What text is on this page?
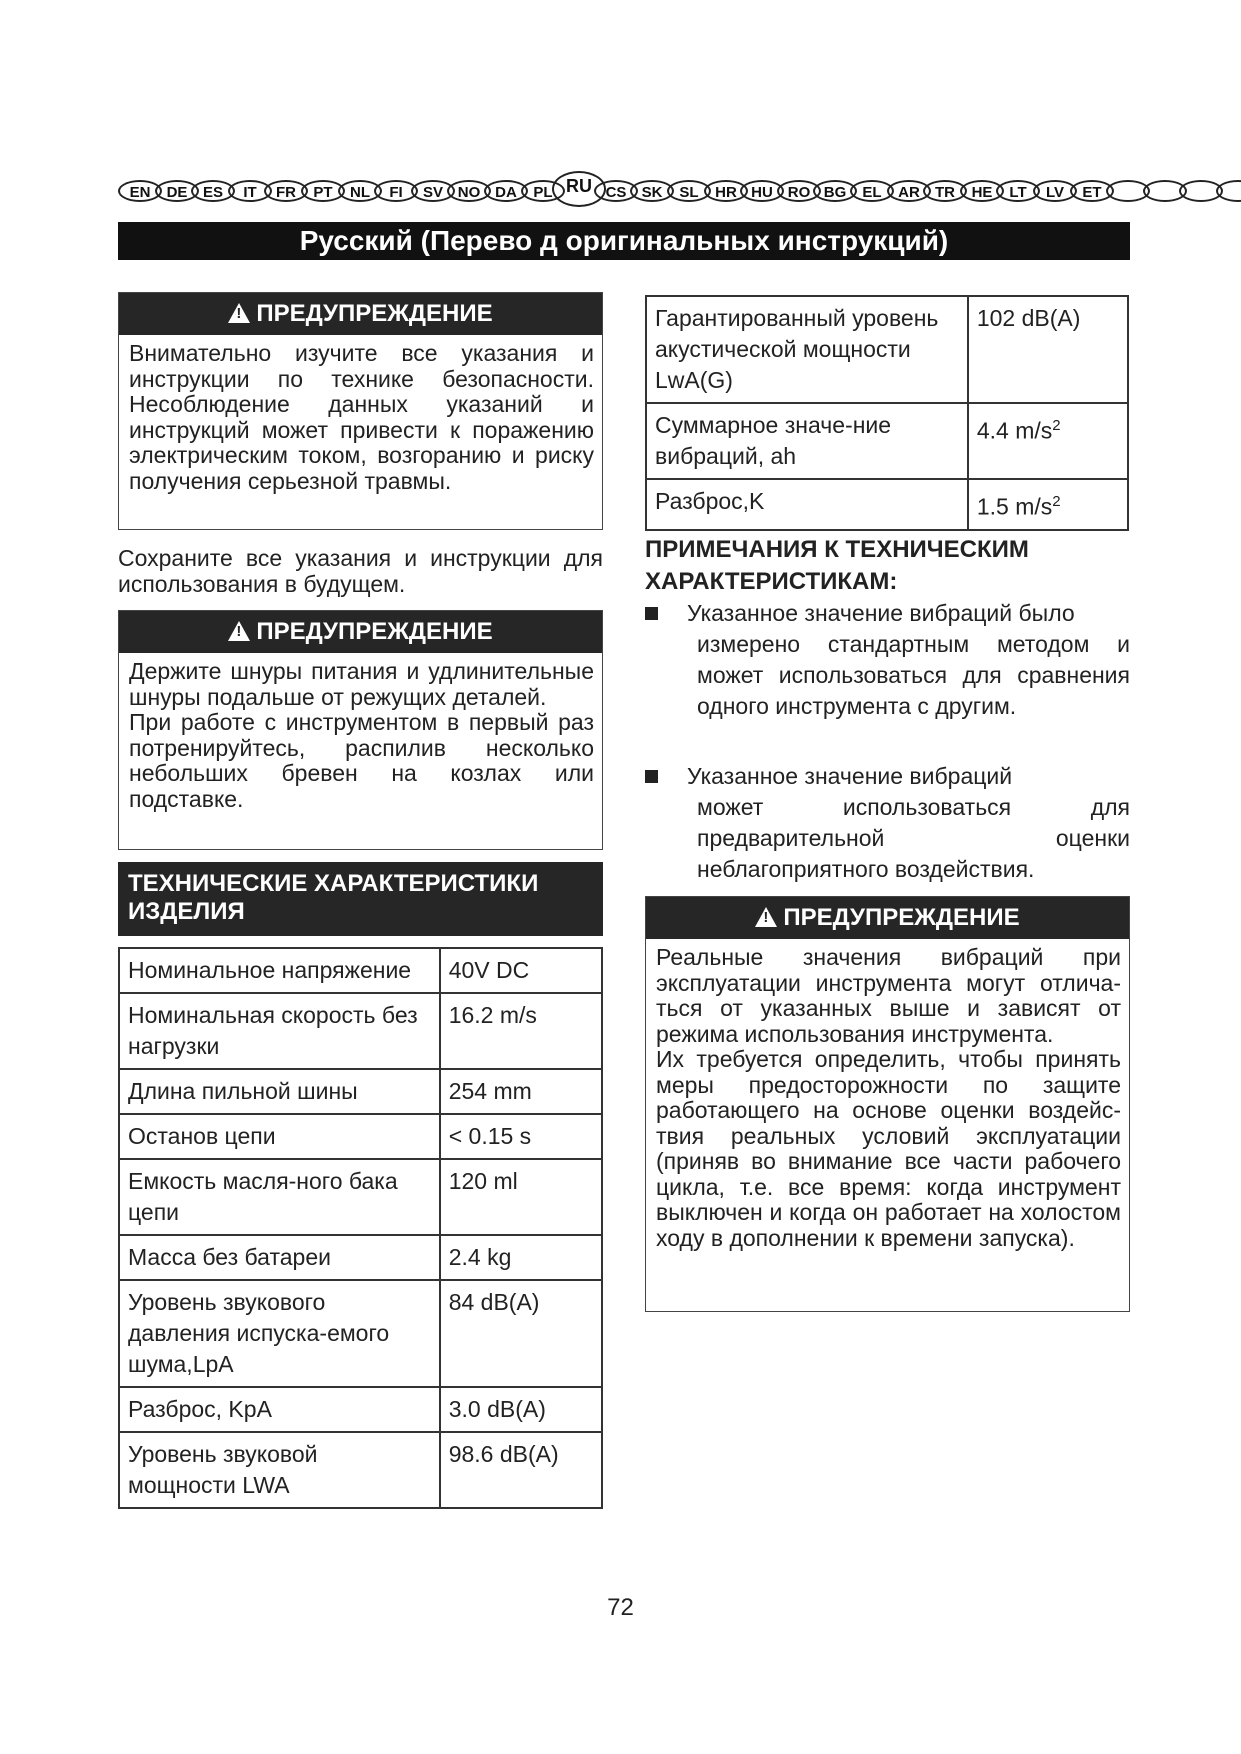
EN	DE	ES	IT	FR	PT	NL	FI	SV NO DA	PL RU CS	SK	SL	HR HU RO BG	EL	AR	TR	HE	LT	LV	ET
Русский (Перево д оригинальных инструкций)
!ПРЕДУПРЕЖДЕНИЕ

Внимательно изучите все указания и инструкции по технике безопасности. Несоблюдение данных указаний и инструкций может привести к поражению электрическим током, возгоранию и риску получения серьезной травмы.

Сохраните все указания и инструкции для использования в будущем.
!ПРЕДУПРЕЖДЕНИЕ

Держите шнуры питания и удлинительные шнуры подальше от режущих деталей.

При работе с инструментом в первый раз потренируйтесь, распилив несколько небольших бревен на козлах или подставке.

ТЕХНИЧЕСКИЕ ХАРАКТЕРИСТИКИ ИЗДЕЛИЯ
Номинальное напряжение	40V DC
Номинальная скорость без нагрузки	16.2 m/s
Длина пильной шины	254 mm
Останов цепи	< 0.15 s
Емкость масля-ного бака цепи	120 ml
Масса без батареи	2.4 kg
Уровень звукового давления испуска-емого шума,LpA	84 dB(A)
Разброс, KpA	3.0 dB(A)
Уровень звуковой мощности LWA	98.6 dB(A)
Гарантированный уровень акустической мощности LwA(G)	102 dB(A)
Суммарное значе-ние вибраций, ah	4.4 $m/s^2$
Разброс,K	1.5 $m/s^2$
ПРИМЕЧАНИЯ К ТЕХНИЧЕСКИМ ХАРАКТЕРИСТИКАМ:
Указанное значение вибраций было
измерено стандартным методом и может использоваться для сравнения одного инструмента с другим.
Указанное значение вибраций
может использоваться для предварительной оценки неблагоприятного воздействия.
!ПРЕДУПРЕЖДЕНИЕ

Реальные значения вибраций при эксплуатации инструмента могут отлича-ться от указанных выше и зависят от режима использования инструмента.

Их требуется определить, чтобы принять меры предосторожности по защите работающего на основе оценки воздейс-твия реальных условий эксплуатации (приняв во внимание все части рабочего цикла, т.е. все время: когда инструмент выключен и когда он работает на холостом ходу в дополнении к времени запуска).

72
